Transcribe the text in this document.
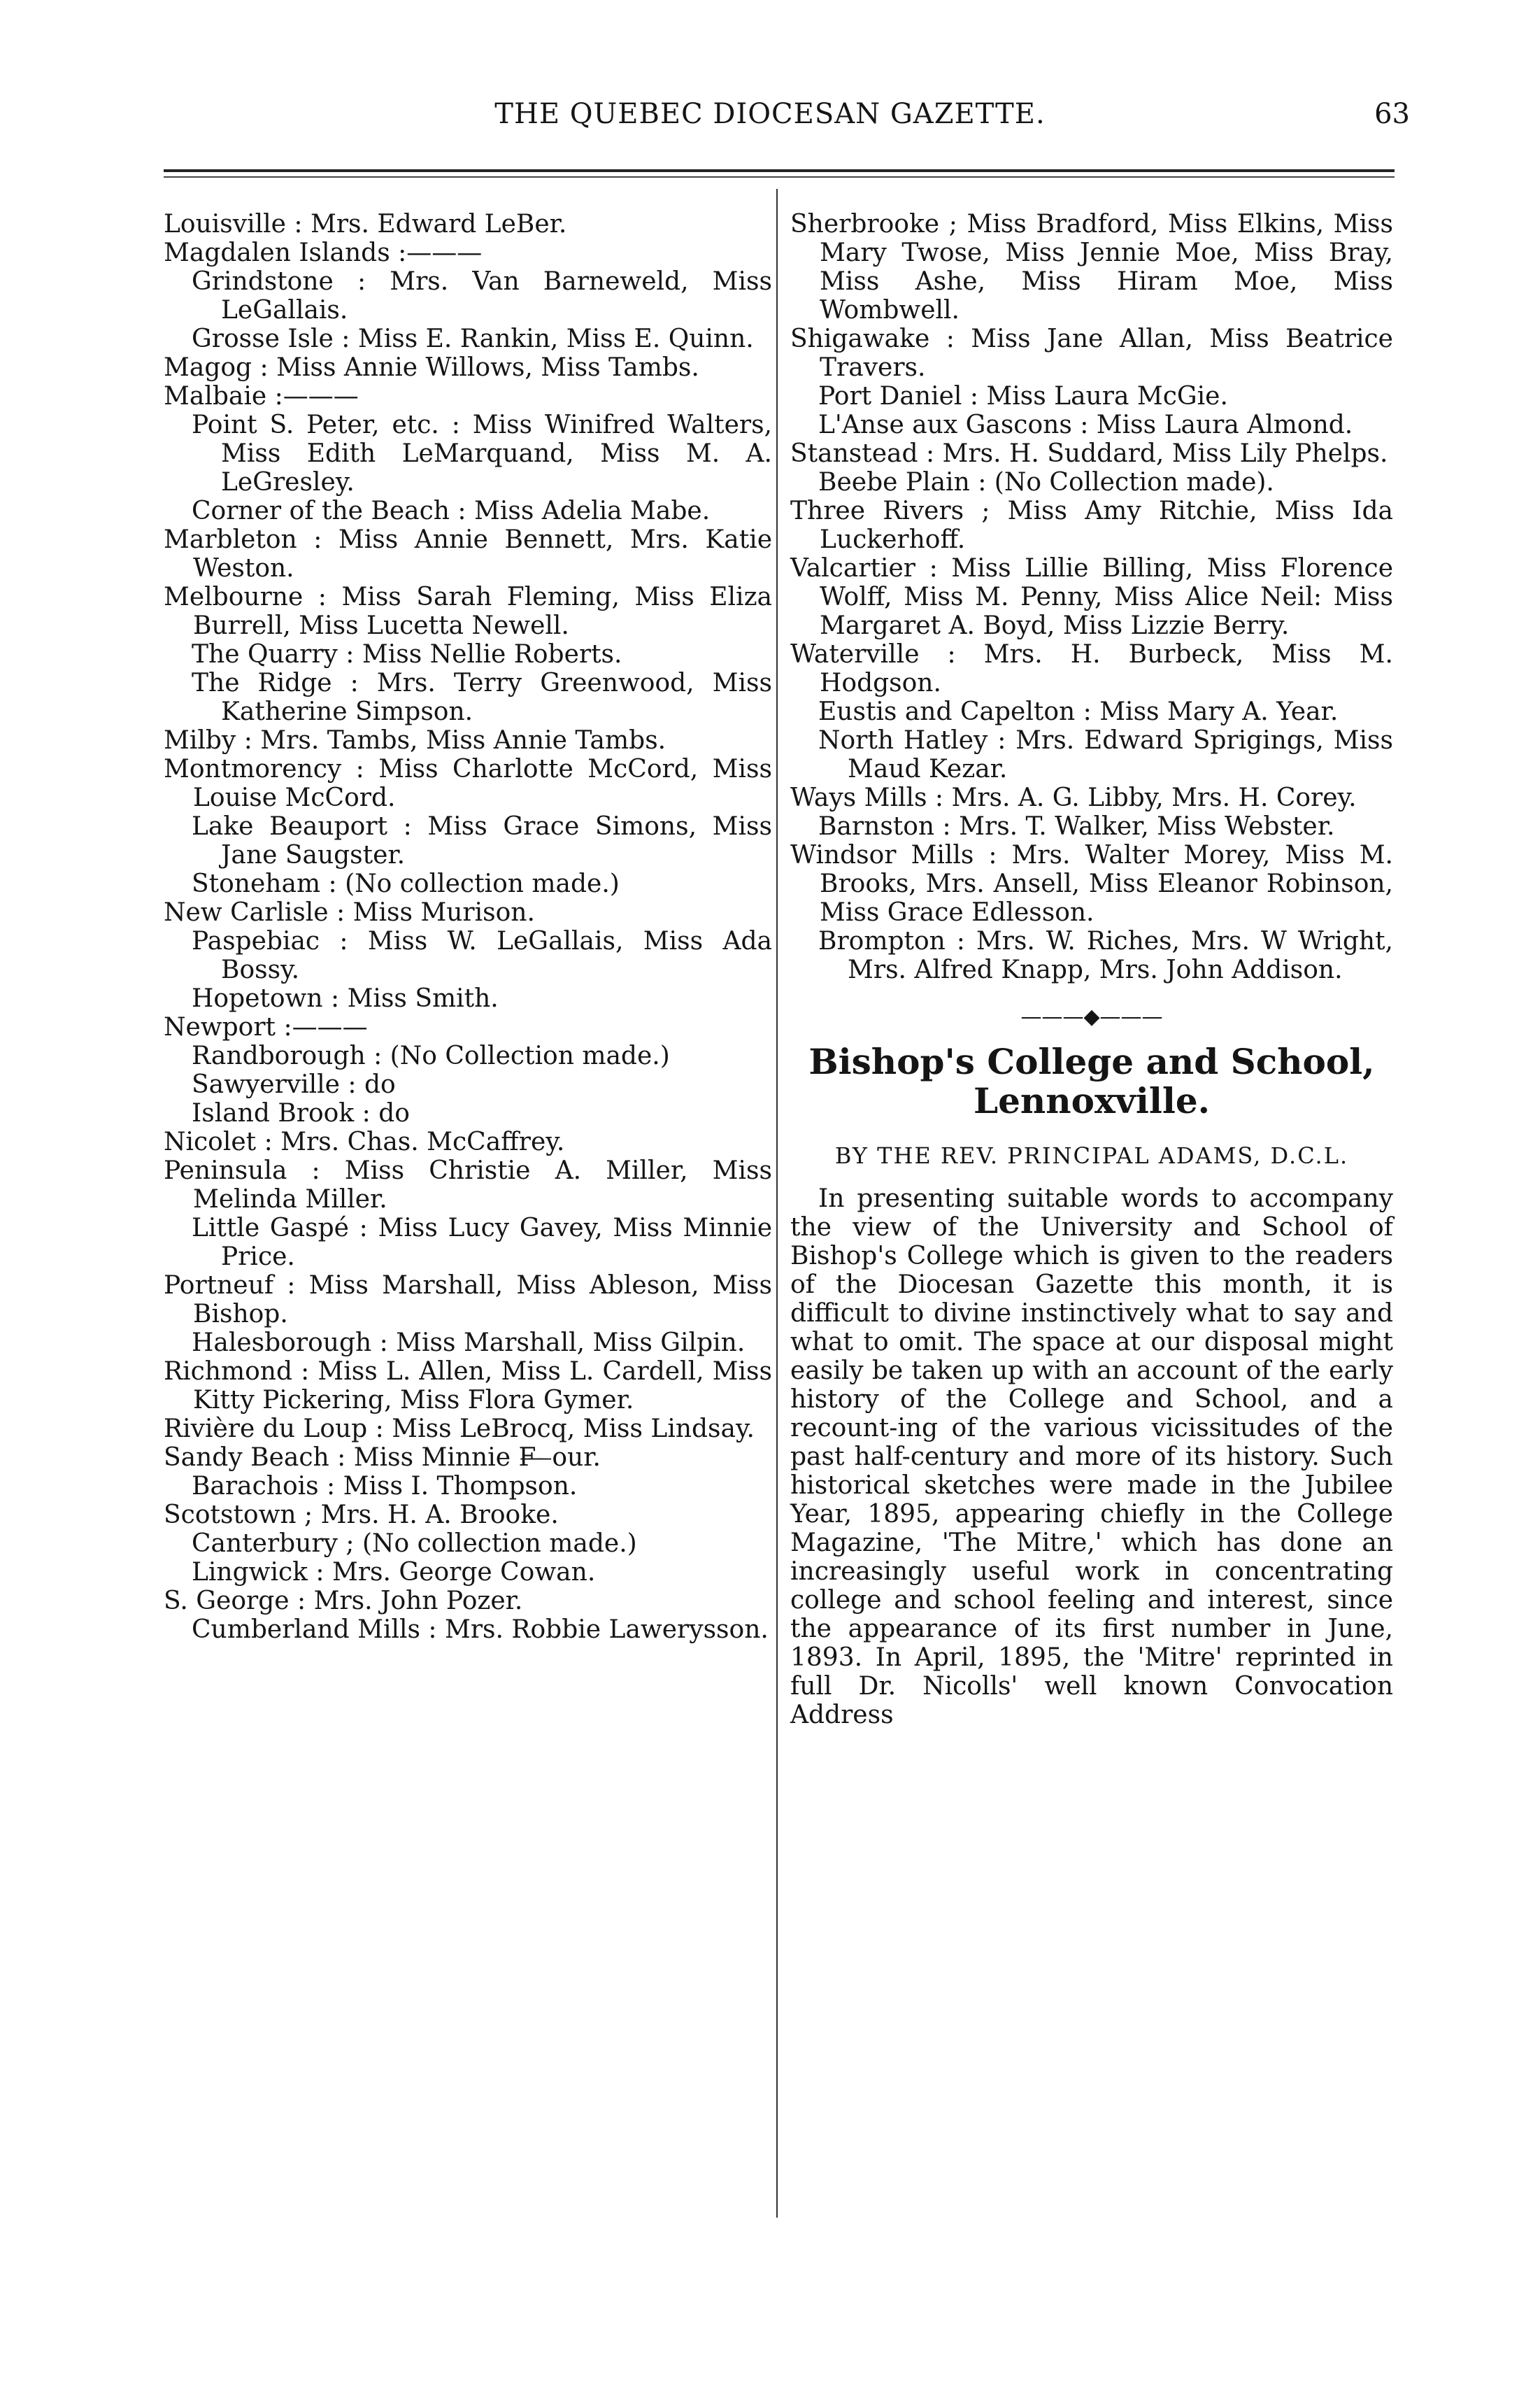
THE QUEBEC DIOCESAN GAZETTE.	63
Louisville : Mrs. Edward LeBer.
Magdalen Islands :———
Grindstone : Mrs. Van Barneweld, Miss LeGallais.
Grosse Isle : Miss E. Rankin, Miss E. Quinn.
Magog : Miss Annie Willows, Miss Tambs.
Malbaie :———
Point S. Peter, etc. : Miss Winifred Walters, Miss Edith LeMarquand, Miss M. A. LeGresley.
Corner of the Beach : Miss Adelia Mabe.
Marbleton : Miss Annie Bennett, Mrs. Katie Weston.
Melbourne : Miss Sarah Fleming, Miss Eliza Burrell, Miss Lucetta Newell.
The Quarry : Miss Nellie Roberts.
The Ridge : Mrs. Terry Greenwood, Miss Katherine Simpson.
Milby : Mrs. Tambs, Miss Annie Tambs.
Montmorency : Miss Charlotte McCord, Miss Louise McCord.
Lake Beauport : Miss Grace Simons, Miss Jane Saugster.
Stoneham : (No collection made.)
New Carlisle : Miss Murison.
Paspebiac : Miss W. LeGallais, Miss Ada Bossy.
Hopetown : Miss Smith.
Newport :———
Randborough : (No Collection made.)
Sawyerville : do
Island Brook : do
Nicolet : Mrs. Chas. McCaffrey.
Peninsula : Miss Christie A. Miller, Miss Melinda Miller.
Little Gaspé : Miss Lucy Gavey, Miss Minnie Price.
Portneuf : Miss Marshall, Miss Ableson, Miss Bishop.
Halesborough : Miss Marshall, Miss Gilpin.
Richmond : Miss L. Allen, Miss L. Cardell, Miss Kitty Pickering, Miss Flora Gymer.
Rivière du Loup : Miss LeBrocq, Miss Lindsay.
Sandy Beach : Miss Minnie F̶ ̶ ̶our.
Barachois : Miss I. Thompson.
Scotstown ; Mrs. H. A. Brooke.
Canterbury ; (No collection made.)
Lingwick : Mrs. George Cowan.
S. George : Mrs. John Pozer.
Cumberland Mills : Mrs. Robbie Lawerysson.
Sherbrooke ; Miss Bradford, Miss Elkins, Miss Mary Twose, Miss Jennie Moe, Miss Bray, Miss Ashe, Miss Hiram Moe, Miss Wombwell.
Shigawake : Miss Jane Allan, Miss Beatrice Travers.
Port Daniel : Miss Laura McGie.
L'Anse aux Gascons : Miss Laura Almond.
Stanstead : Mrs. H. Suddard, Miss Lily Phelps.
Beebe Plain : (No Collection made).
Three Rivers ; Miss Amy Ritchie, Miss Ida Luckerhoff.
Valcartier : Miss Lillie Billing, Miss Florence Wolff, Miss M. Penny, Miss Alice Neil: Miss Margaret A. Boyd, Miss Lizzie Berry.
Waterville : Mrs. H. Burbeck, Miss M. Hodgson.
Eustis and Capelton : Miss Mary A. Year.
North Hatley : Mrs. Edward Sprigings, Miss Maud Kezar.
Ways Mills : Mrs. A. G. Libby, Mrs. H. Corey.
Barnston : Mrs. T. Walker, Miss Webster.
Windsor Mills : Mrs. Walter Morey, Miss M. Brooks, Mrs. Ansell, Miss Eleanor Robinson, Miss Grace Edlesson.
Brompton : Mrs. W. Riches, Mrs. W Wright, Mrs. Alfred Knapp, Mrs. John Addison.
———◆———
Bishop's College and School,
Lennoxville.
BY THE REV. PRINCIPAL ADAMS, D.C.L.

In presenting suitable words to accompany the view of the University and School of Bishop's College which is given to the readers of the Diocesan Gazette this month, it is difficult to divine instinctively what to say and what to omit. The space at our disposal might easily be taken up with an account of the early history of the College and School, and a recount-ing of the various vicissitudes of the past half-century and more of its history. Such historical sketches were made in the Jubilee Year, 1895, appearing chiefly in the College Magazine, 'The Mitre,' which has done an increasingly useful work in concentrating college and school feeling and interest, since the appearance of its first number in June, 1893. In April, 1895, the 'Mitre' reprinted in full Dr. Nicolls' well known Convocation Address
